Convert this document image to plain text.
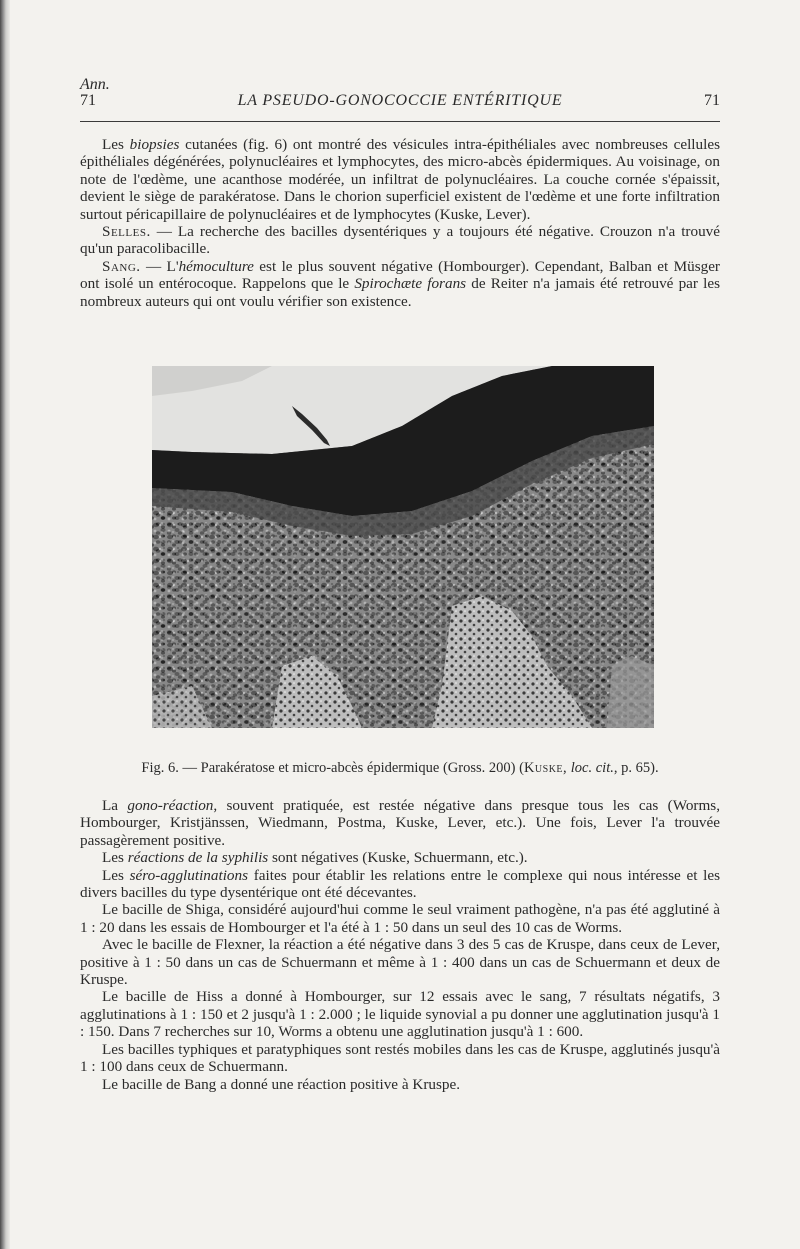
Ann.
71	LA PSEUDO-GONOCOCCIE ENTÉRITIQUE	71

Les biopsies cutanées (fig. 6) ont montré des vésicules intra-épithéliales avec nombreuses cellules épithéliales dégénérées, polynucléaires et lymphocytes, des micro-abcès épidermiques. Au voisinage, on note de l'œdème, une acanthose modérée, un infiltrat de polynucléaires. La couche cornée s'épaissit, devient le siège de parakératose. Dans le chorion superficiel existent de l'œdème et une forte infiltration surtout péricapillaire de polynucléaires et de lymphocytes (Kuske, Lever).

Selles. — La recherche des bacilles dysentériques y a toujours été négative. Crouzon n'a trouvé qu'un paracolibacille.

Sang. — L'hémoculture est le plus souvent négative (Hombourger). Cependant, Balban et Müsger ont isolé un entérocoque. Rappelons que le Spirochæte forans de Reiter n'a jamais été retrouvé par les nombreux auteurs qui ont voulu vérifier son existence.

Fig. 6. — Parakératose et micro-abcès épidermique (Gross. 200) (Kuske, loc. cit., p. 65).

La gono-réaction, souvent pratiquée, est restée négative dans presque tous les cas (Worms, Hombourger, Kristjänssen, Wiedmann, Postma, Kuske, Lever, etc.). Une fois, Lever l'a trouvée passagèrement positive.

Les réactions de la syphilis sont négatives (Kuske, Schuermann, etc.).

Les séro-agglutinations faites pour établir les relations entre le complexe qui nous intéresse et les divers bacilles du type dysentérique ont été décevantes.

Le bacille de Shiga, considéré aujourd'hui comme le seul vraiment pathogène, n'a pas été agglutiné à 1 : 20 dans les essais de Hombourger et l'a été à 1 : 50 dans un seul des 10 cas de Worms.

Avec le bacille de Flexner, la réaction a été négative dans 3 des 5 cas de Kruspe, dans ceux de Lever, positive à 1 : 50 dans un cas de Schuermann et même à 1 : 400 dans un cas de Schuermann et deux de Kruspe.

Le bacille de Hiss a donné à Hombourger, sur 12 essais avec le sang, 7 résultats négatifs, 3 agglutinations à 1 : 150 et 2 jusqu'à 1 : 2.000 ; le liquide synovial a pu donner une agglutination jusqu'à 1 : 150. Dans 7 recherches sur 10, Worms a obtenu une agglutination jusqu'à 1 : 600.

Les bacilles typhiques et paratyphiques sont restés mobiles dans les cas de Kruspe, agglutinés jusqu'à 1 : 100 dans ceux de Schuermann.

Le bacille de Bang a donné une réaction positive à Kruspe.
